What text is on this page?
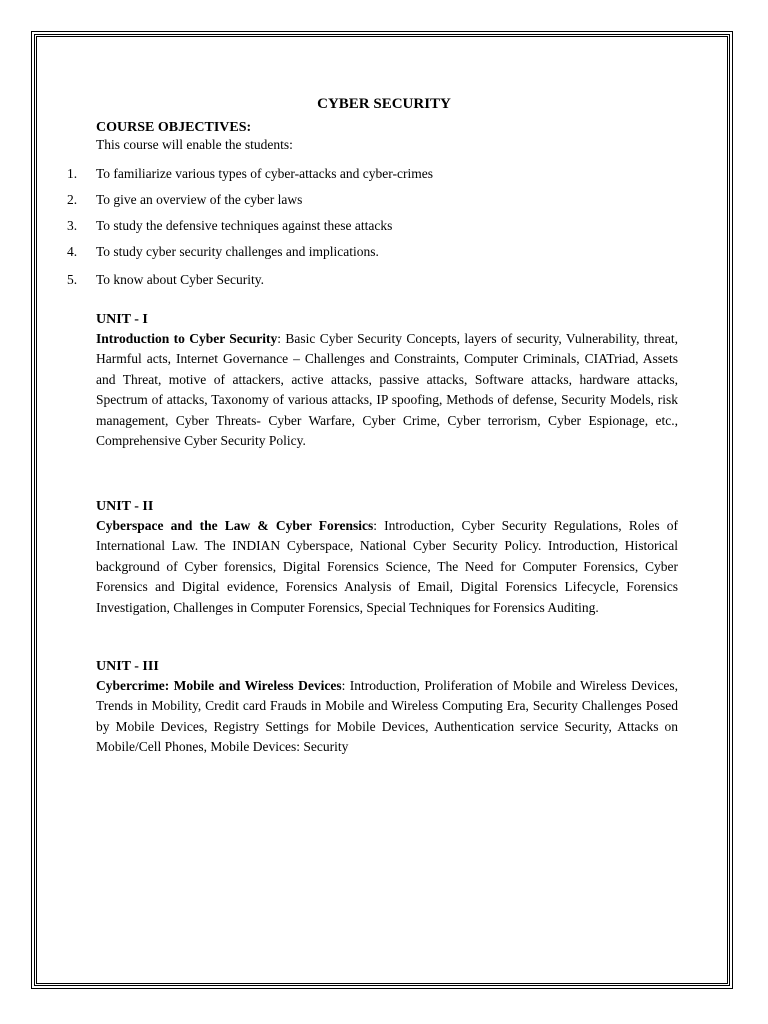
CYBER SECURITY
COURSE OBJECTIVES:
This course will enable the students:
1. To familiarize various types of cyber-attacks and cyber-crimes
2. To give an overview of the cyber laws
3. To study the defensive techniques against these attacks
4. To study cyber security challenges and implications.
5. To know about Cyber Security.
UNIT - I

Introduction to Cyber Security: Basic Cyber Security Concepts, layers of security, Vulnerability, threat, Harmful acts, Internet Governance – Challenges and Constraints, Computer Criminals, CIATriad, Assets and Threat, motive of attackers, active attacks, passive attacks, Software attacks, hardware attacks, Spectrum of attacks, Taxonomy of various attacks, IP spoofing, Methods of defense, Security Models, risk management, Cyber Threats- Cyber Warfare, Cyber Crime, Cyber terrorism, Cyber Espionage, etc., Comprehensive Cyber Security Policy.

UNIT - II

Cyberspace and the Law & Cyber Forensics: Introduction, Cyber Security Regulations, Roles of International Law. The INDIAN Cyberspace, National Cyber Security Policy. Introduction, Historical background of Cyber forensics, Digital Forensics Science, The Need for Computer Forensics, Cyber Forensics and Digital evidence, Forensics Analysis of Email, Digital Forensics Lifecycle, Forensics Investigation, Challenges in Computer Forensics, Special Techniques for Forensics Auditing.

UNIT - III

Cybercrime: Mobile and Wireless Devices: Introduction, Proliferation of Mobile and Wireless Devices, Trends in Mobility, Credit card Frauds in Mobile and Wireless Computing Era, Security Challenges Posed by Mobile Devices, Registry Settings for Mobile Devices, Authentication service Security, Attacks on Mobile/Cell Phones, Mobile Devices: Security
